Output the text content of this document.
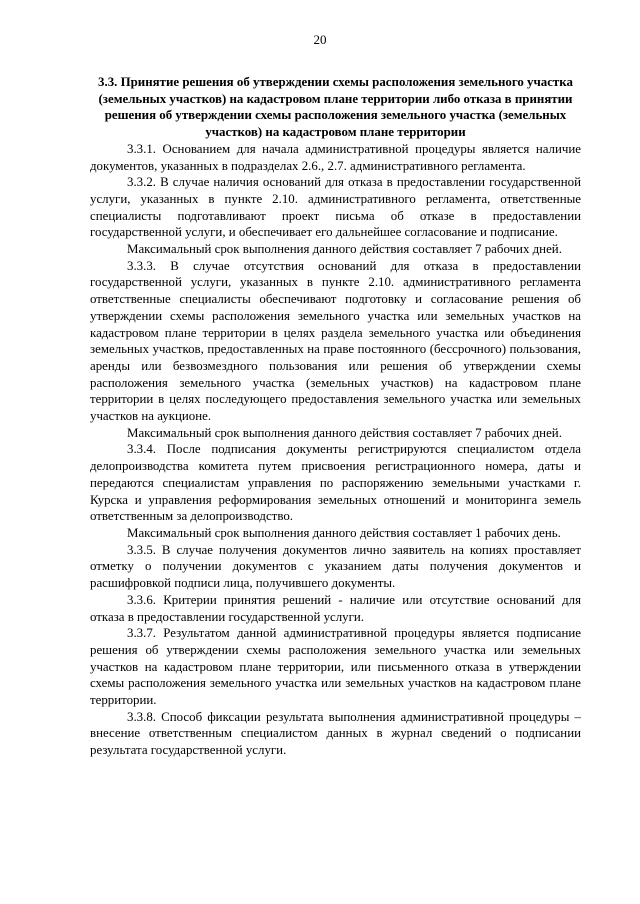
20

3.3. Принятие решения об утверждении схемы расположения земельного участка (земельных участков) на кадастровом плане территории либо отказа в принятии решения об утверждении схемы расположения земельного участка (земельных участков) на кадастровом плане территории

3.3.1. Основанием для начала административной процедуры является наличие документов, указанных в подразделах 2.6., 2.7. административного регламента.

3.3.2. В случае наличия оснований для отказа в предоставлении государственной услуги, указанных в пункте 2.10. административного регламента, ответственные специалисты подготавливают проект письма об отказе в предоставлении государственной услуги, и обеспечивает его дальнейшее согласование и подписание.

Максимальный срок выполнения данного действия составляет 7 рабочих дней.

3.3.3. В случае отсутствия оснований для отказа в предоставлении государственной услуги, указанных в пункте 2.10. административного регламента ответственные специалисты обеспечивают подготовку и согласование решения об утверждении схемы расположения земельного участка или земельных участков на кадастровом плане территории в целях раздела земельного участка или объединения земельных участков, предоставленных на праве постоянного (бессрочного) пользования, аренды или безвозмездного пользования или решения об утверждении схемы расположения земельного участка (земельных участков) на кадастровом плане территории в целях последующего предоставления земельного участка или земельных участков на аукционе.

Максимальный срок выполнения данного действия составляет 7 рабочих дней.

3.3.4. После подписания документы регистрируются специалистом отдела делопроизводства комитета путем присвоения регистрационного номера, даты и передаются специалистам управления по распоряжению земельными участками г. Курска и управления реформирования земельных отношений и мониторинга земель ответственным за делопроизводство.

Максимальный срок выполнения данного действия составляет 1 рабочих день.

3.3.5. В случае получения документов лично заявитель на копиях проставляет отметку о получении документов с указанием даты получения документов и расшифровкой подписи лица, получившего документы.

3.3.6. Критерии принятия решений - наличие или отсутствие оснований для отказа в предоставлении государственной услуги.

3.3.7. Результатом данной административной процедуры является подписание решения об утверждении схемы расположения земельного участка или земельных участков на кадастровом плане территории, или письменного отказа в утверждении схемы расположения земельного участка или земельных участков на кадастровом плане территории.

3.3.8. Способ фиксации результата выполнения административной процедуры – внесение ответственным специалистом данных в журнал сведений о подписании результата государственной услуги.
